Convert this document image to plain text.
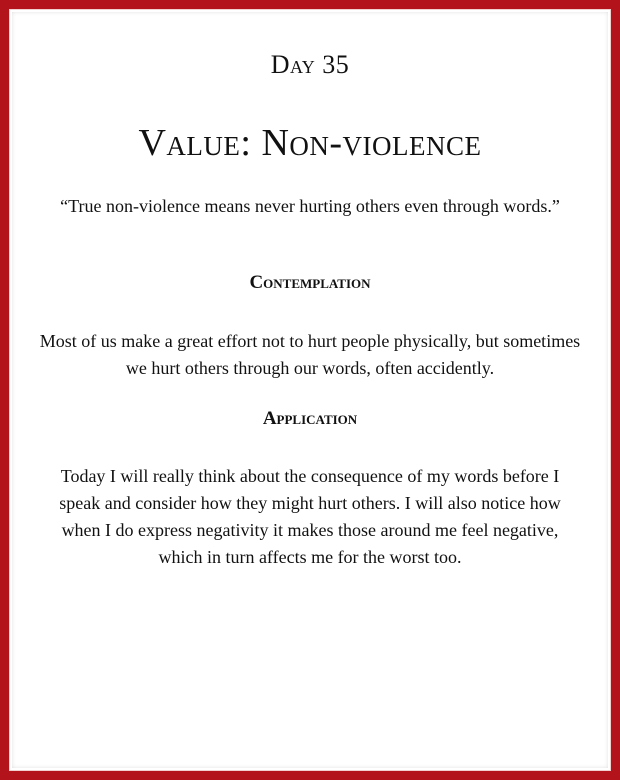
Day 35
Value: Non-violence
“True non-violence means never hurting others even through words.”
Contemplation
Most of us make a great effort not to hurt people physically, but sometimes we hurt others through our words, often accidently.
Application
Today I will really think about the consequence of my words before I speak and consider how they might hurt others. I will also notice how when I do express negativity it makes those around me feel negative, which in turn affects me for the worst too.
